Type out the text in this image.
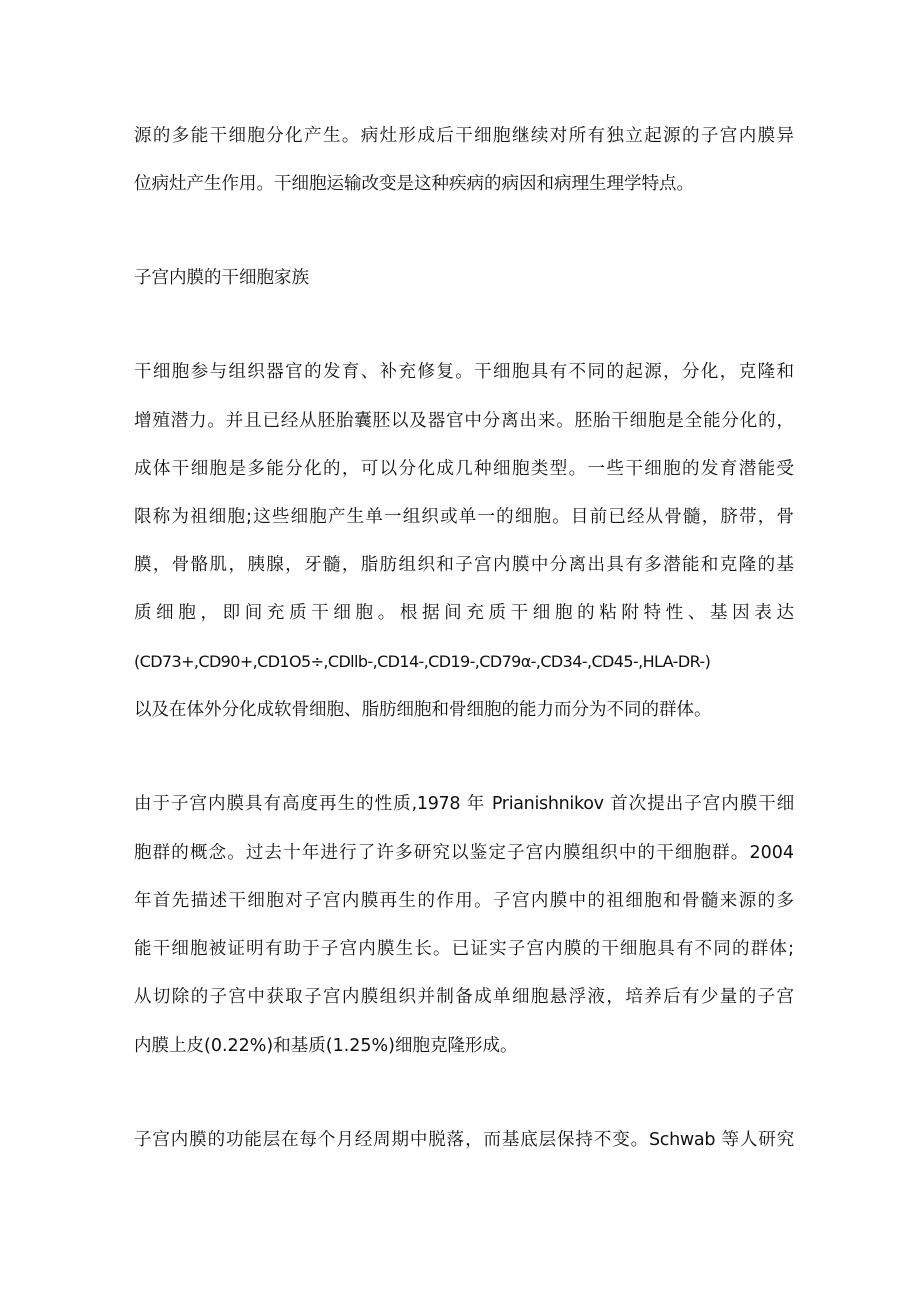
源的多能干细胞分化产生。病灶形成后干细胞继续对所有独立起源的子宫内膜异
位病灶产生作用。干细胞运输改变是这种疾病的病因和病理生理学特点。
子宫内膜的干细胞家族
干细胞参与组织器官的发育、补充修复。干细胞具有不同的起源，分化，克隆和
增殖潜力。并且已经从胚胎囊胚以及器官中分离出来。胚胎干细胞是全能分化的，
成体干细胞是多能分化的，可以分化成几种细胞类型。一些干细胞的发育潜能受
限称为祖细胞;这些细胞产生单一组织或单一的细胞。目前已经从骨髓，脐带，骨
膜，骨骼肌，胰腺，牙髓，脂肪组织和子宫内膜中分离出具有多潜能和克隆的基
质细胞，即间充质干细胞。根据间充质干细胞的粘附特性、基因表达
(CD73+,CD90+,CD1O5÷,CDllb-,CD14-,CD19-,CD79α-,CD34-,CD45-,HLA-DR-)
以及在体外分化成软骨细胞、脂肪细胞和骨细胞的能力而分为不同的群体。
由于子宫内膜具有高度再生的性质,1978 年 Prianishnikov 首次提出子宫内膜干细
胞群的概念。过去十年进行了许多研究以鉴定子宫内膜组织中的干细胞群。2004
年首先描述干细胞对子宫内膜再生的作用。子宫内膜中的祖细胞和骨髓来源的多
能干细胞被证明有助于子宫内膜生长。已证实子宫内膜的干细胞具有不同的群体;
从切除的子宫中获取子宫内膜组织并制备成单细胞悬浮液，培养后有少量的子宫
内膜上皮(0.22%)和基质(1.25%)细胞克隆形成。
子宫内膜的功能层在每个月经周期中脱落，而基底层保持不变。Schwab 等人研究
